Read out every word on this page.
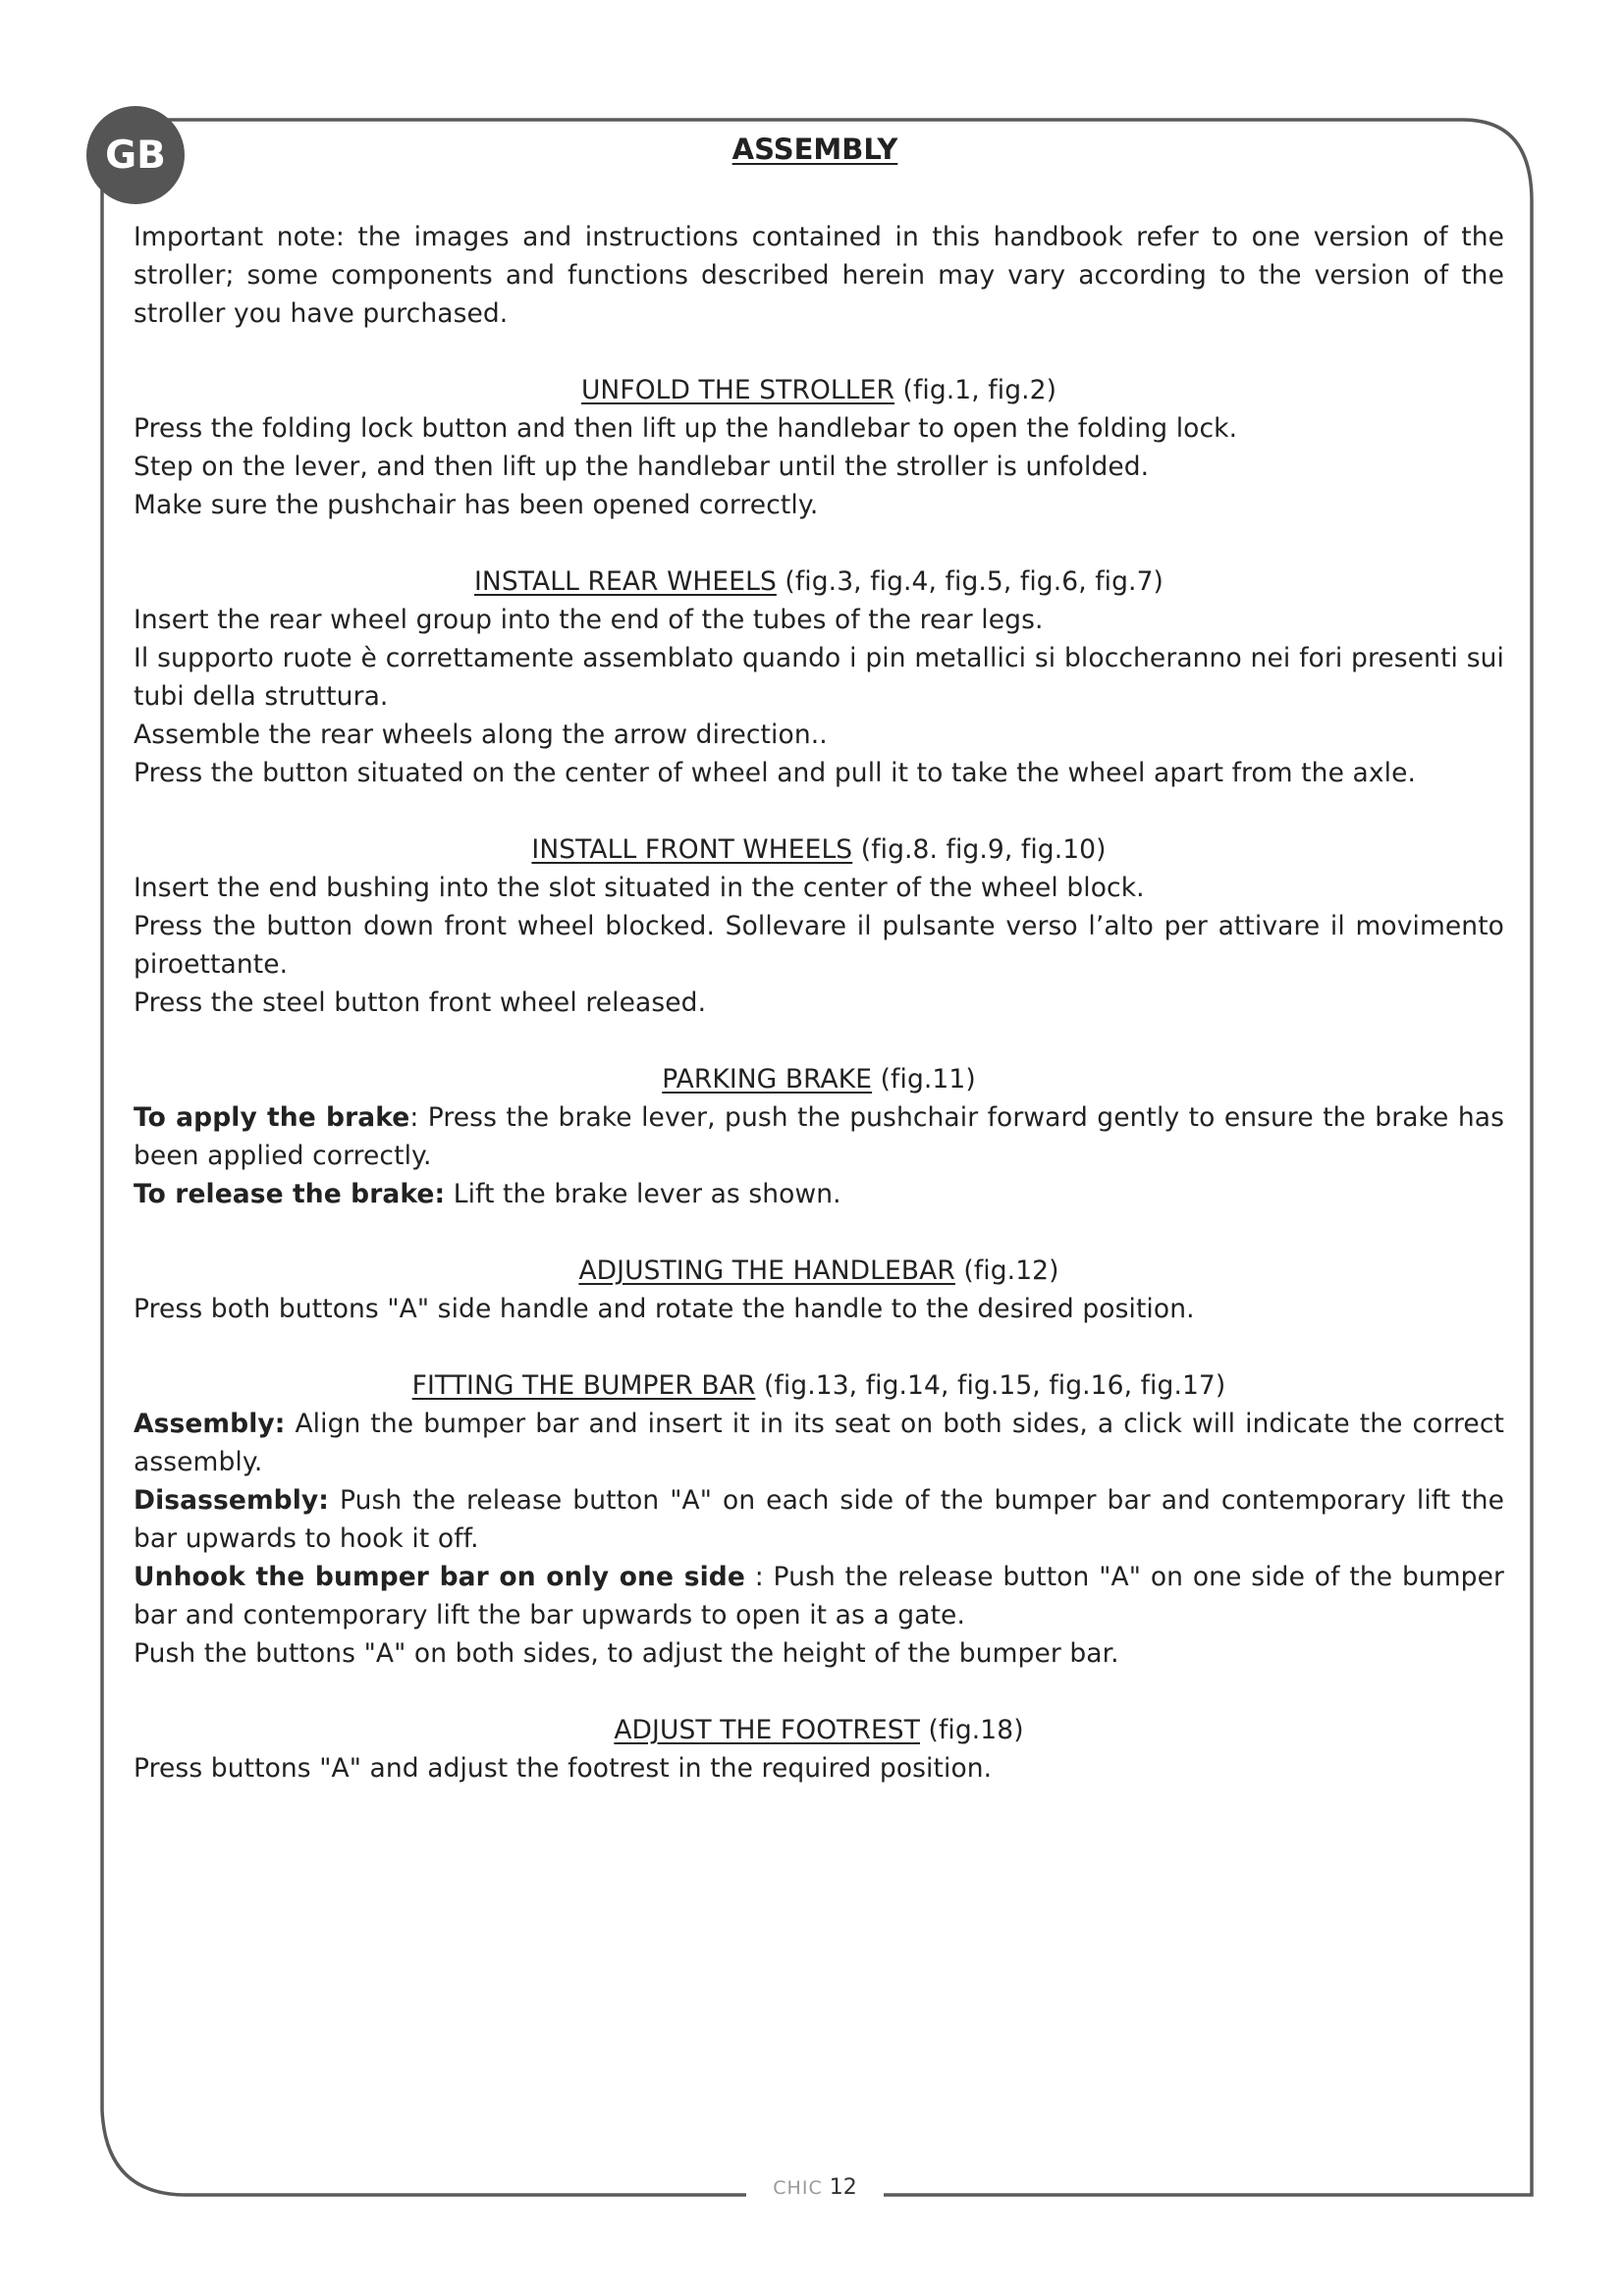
GB	ASSEMBLY

Important note: the images and instructions contained in this handbook refer to one version of the stroller; some components and functions described herein may vary according to the version of the stroller you have purchased.

UNFOLD THE STROLLER (fig.1, fig.2)

Press the folding lock button and then lift up the handlebar to open the folding lock.

Step on the lever, and then lift up the handlebar until the stroller is unfolded.

Make sure the pushchair has been opened correctly.

INSTALL REAR WHEELS (fig.3, fig.4, fig.5, fig.6, fig.7)

Insert the rear wheel group into the end of the tubes of the rear legs.

Il supporto ruote è correttamente assemblato quando i pin metallici si bloccheranno nei fori presenti sui tubi della struttura.

Assemble the rear wheels along the arrow direction..

Press the button situated on the center of wheel and pull it to take the wheel apart from the axle.

INSTALL FRONT WHEELS (fig.8. fig.9, fig.10)

Insert the end bushing into the slot situated in the center of the wheel block.

Press the button down front wheel blocked. Sollevare il pulsante verso l’alto per attivare il movimento piroettante.

Press the steel button front wheel released.

PARKING BRAKE (fig.11)

To apply the brake: Press the brake lever, push the pushchair forward gently to ensure the brake has been applied correctly.

To release the brake: Lift the brake lever as shown.

ADJUSTING THE HANDLEBAR (fig.12)

Press both buttons "A" side handle and rotate the handle to the desired position.

FITTING THE BUMPER BAR (fig.13, fig.14, fig.15, fig.16, fig.17)

Assembly: Align the bumper bar and insert it in its seat on both sides, a click will indicate the correct assembly.

Disassembly: Push the release button "A" on each side of the bumper bar and contemporary lift the bar upwards to hook it off.

Unhook the bumper bar on only one side : Push the release button "A" on one side of the bumper bar and contemporary lift the bar upwards to open it as a gate.

Push the buttons "A" on both sides, to adjust the height of the bumper bar.

ADJUST THE FOOTREST (fig.18)

Press buttons "A" and adjust the footrest in the required position.

CHIC 12
